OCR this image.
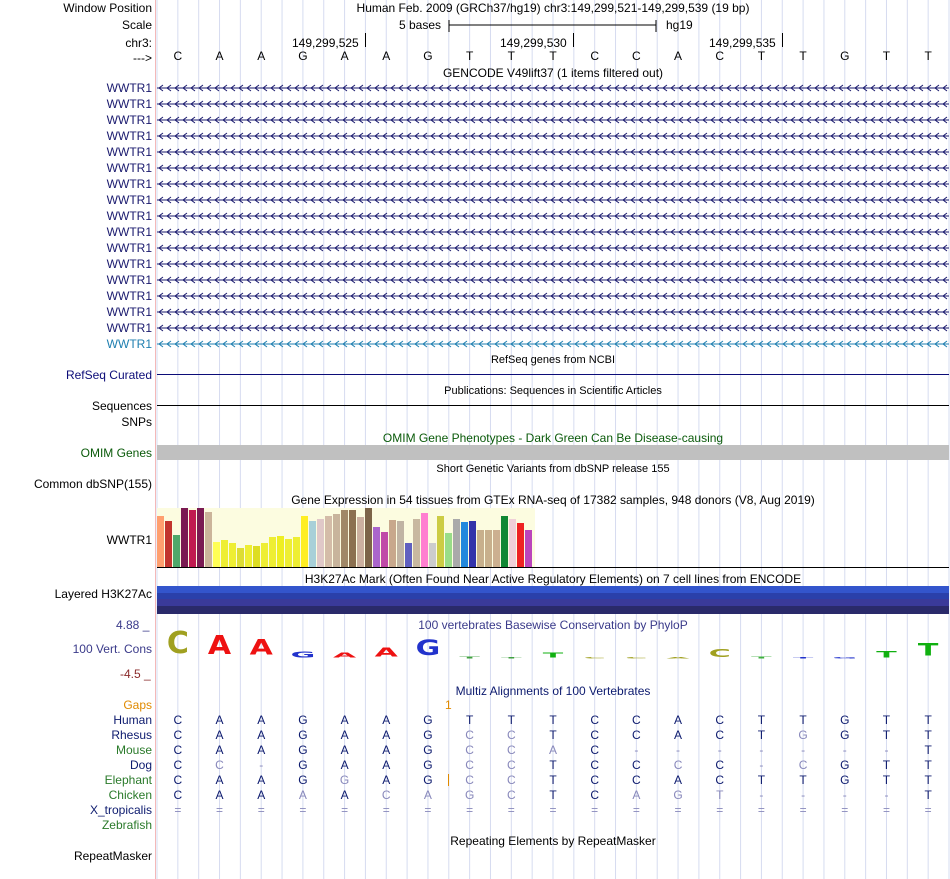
Window Position	Human Feb. 2009 (GRCh37/hg19) chr3:149,299,521-149,299,539 (19 bp)
Scale	5 bases	hg19
chr3:	149,299,525	149,299,530	149,299,535
--->	C	A	A	G	A	A	G	T	T	T	C	C	A	C	T	T	G	T	T
GENCODE V49lift37 (1 items filtered out)
WWTR1
WWTR1
WWTR1
WWTR1
WWTR1
WWTR1
WWTR1
WWTR1
WWTR1
WWTR1
WWTR1
WWTR1
WWTR1
WWTR1
WWTR1
WWTR1
WWTR1
RefSeq genes from NCBI
RefSeq Curated
Publications: Sequences in Scientific Articles
Sequences
SNPs
OMIM Gene Phenotypes - Dark Green Can Be Disease-causing
OMIM Genes
Short Genetic Variants from dbSNP release 155
Common dbSNP(155)
Gene Expression in 54 tissues from GTEx RNA-seq of 17382 samples, 948 donors (V8, Aug 2019)
WWTR1
H3K27Ac Mark (Often Found Near Active Regulatory Elements) on 7 cell lines from ENCODE
Layered H3K27Ac
100 vertebrates Basewise Conservation by PhyloP
4.88 _
100 Vert. Cons
-4.5 _
C A A G A A G T T T C C A C T T G T T
Multiz Alignments of 100 Vertebrates
Gaps	1
Human	C	A	A	G	A	A	G	T	T	T	C	C	A	C	T	T	G	T	T
Rhesus	C	A	A	G	A	A	G	C	C	T	C	C	A	C	T	G	G	T	T
Mouse	C	A	A	G	A	A	G	C	C	A	C	-	-	-	-	-	-	-	T
Dog	C	C	-	G	A	A	G	C	C	T	C	C	C	C	-	C	G	T	T
Elephant	C	A	A	G	G	A	G	C	C	T	C	C	A	C	T	T	G	T	T
Chicken	C	A	A	A	A	C	A	G	C	T	C	A	G	T	-	-	-	-	T
X_tropicalis	=	=	=	=	=	=	=	=	=	=	=	=	=	=	=	=	=	=	=
Zebrafish
Repeating Elements by RepeatMasker
RepeatMasker
